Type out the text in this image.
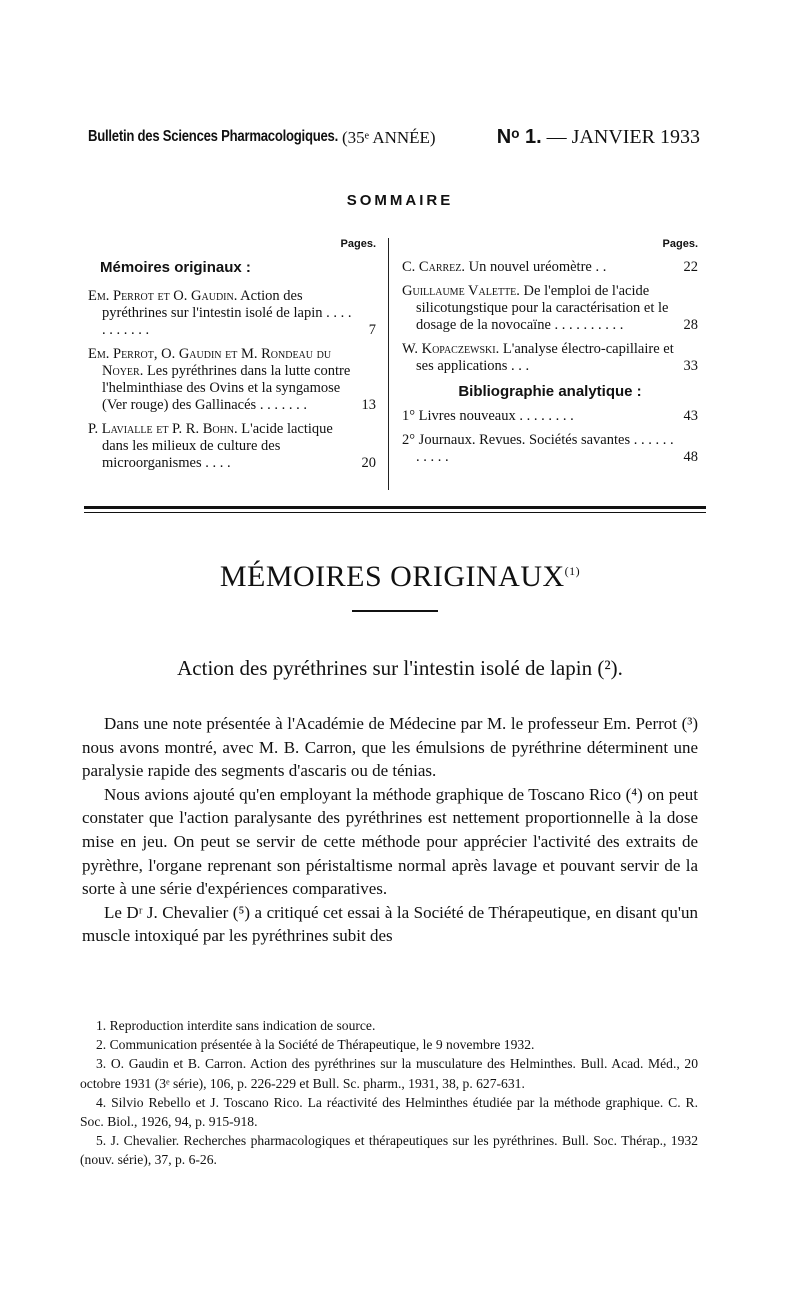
Bulletin des Sciences Pharmacologiques. (35ᵉ ANNÉE)	Nᵒ 1. — JANVIER 1933
SOMMAIRE
Pages.
Mémoires originaux :
Em. Perrot et O. Gaudin. Action des pyréthrines sur l'intestin isolé de lapin . . . . . . . . . . .	7
Em. Perrot, O. Gaudin et M. Rondeau du Noyer. Les pyréthrines dans la lutte contre l'helminthiase des Ovins et la syngamose (Ver rouge) des Gallinacés . . . . . . .	13
P. Lavialle et P. R. Bohn. L'acide lactique dans les milieux de culture des microorganismes . . . .	20
Pages.
C. Carrez. Un nouvel uréomètre . .	22
Guillaume Valette. De l'emploi de l'acide silicotungstique pour la caractérisation et le dosage de la novocaïne . . . . . . . . . .	28
W. Kopaczewski. L'analyse électro-capillaire et ses applications . . .	33
Bibliographie analytique :
1° Livres nouveaux . . . . . . . .	43
2° Journaux. Revues. Sociétés savantes . . . . . . . . . . .	48
MÉMOIRES ORIGINAUX$^{(1)}$
Action des pyréthrines sur l'intestin isolé de lapin (²).

Dans une note présentée à l'Académie de Médecine par M. le professeur Em. Perrot (³) nous avons montré, avec M. B. Carron, que les émulsions de pyréthrine déterminent une paralysie rapide des segments d'ascaris ou de ténias.

Nous avions ajouté qu'en employant la méthode graphique de Toscano Rico (⁴) on peut constater que l'action paralysante des pyréthrines est nettement proportionnelle à la dose mise en jeu. On peut se servir de cette méthode pour apprécier l'activité des extraits de pyrèthre, l'organe reprenant son péristaltisme normal après lavage et pouvant servir de la sorte à une série d'expériences comparatives.

Le Dʳ J. Chevalier (⁵) a critiqué cet essai à la Société de Thérapeutique, en disant qu'un muscle intoxiqué par les pyréthrines subit des

1. Reproduction interdite sans indication de source.

2. Communication présentée à la Société de Thérapeutique, le 9 novembre 1932.

3. O. Gaudin et B. Carron. Action des pyréthrines sur la musculature des Helminthes. Bull. Acad. Méd., 20 octobre 1931 (3ᵉ série), 106, p. 226-229 et Bull. Sc. pharm., 1931, 38, p. 627-631.

4. Silvio Rebello et J. Toscano Rico. La réactivité des Helminthes étudiée par la méthode graphique. C. R. Soc. Biol., 1926, 94, p. 915-918.

5. J. Chevalier. Recherches pharmacologiques et thérapeutiques sur les pyréthrines. Bull. Soc. Thérap., 1932 (nouv. série), 37, p. 6-26.
